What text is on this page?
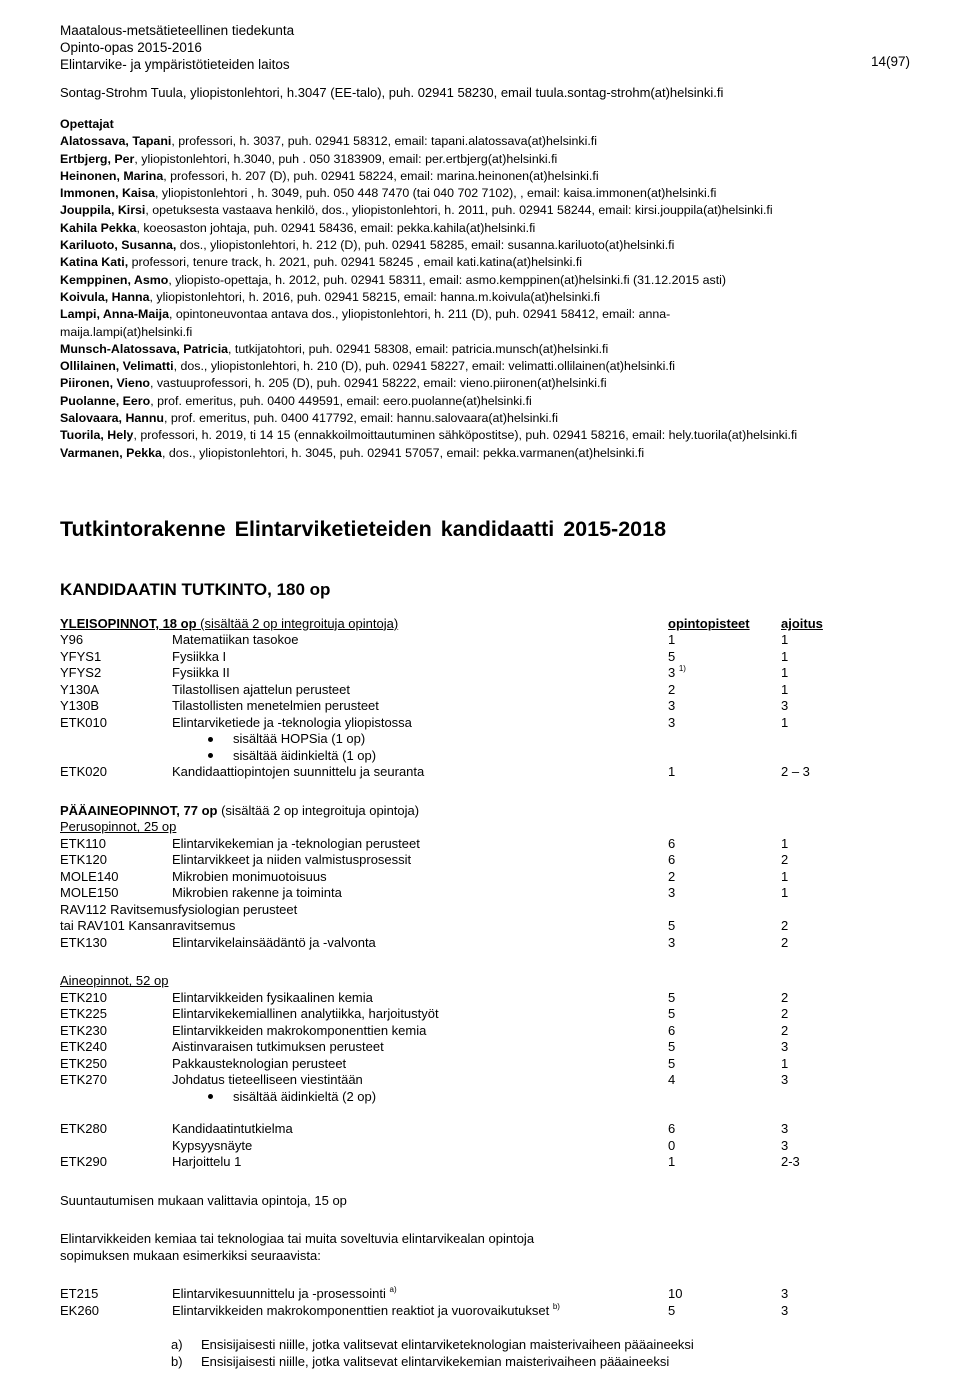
14(97)
Maatalous-metsätieteellinen tiedekunta
Opinto-opas 2015-2016
Elintarvike- ja ympäristötieteiden laitos
Sontag-Strohm Tuula, yliopistonlehtori, h.3047 (EE-talo), puh. 02941 58230, email tuula.sontag-strohm(at)helsinki.fi
Opettajat
Alatossava, Tapani, professori, h. 3037, puh. 02941 58312, email: tapani.alatossava(at)helsinki.fi
Ertbjerg, Per, yliopistonlehtori, h.3040, puh . 050 3183909, email: per.ertbjerg(at)helsinki.fi
Heinonen, Marina, professori, h. 207 (D), puh. 02941 58224, email: marina.heinonen(at)helsinki.fi
Immonen, Kaisa, yliopistonlehtori , h. 3049, puh. 050 448 7470 (tai 040 702 7102), , email: kaisa.immonen(at)helsinki.fi
Jouppila, Kirsi, opetuksesta vastaava henkilö, dos., yliopistonlehtori, h. 2011, puh. 02941 58244, email: kirsi.jouppila(at)helsinki.fi
Kahila Pekka, koeosaston johtaja, puh. 02941 58436, email: pekka.kahila(at)helsinki.fi
Kariluoto, Susanna, dos., yliopistonlehtori, h. 212 (D), puh. 02941 58285, email: susanna.kariluoto(at)helsinki.fi
Katina Kati, professori, tenure track, h. 2021, puh. 02941 58245 , email kati.katina(at)helsinki.fi
Kemppinen, Asmo, yliopisto-opettaja, h. 2012, puh. 02941 58311, email: asmo.kemppinen(at)helsinki.fi (31.12.2015 asti)
Koivula, Hanna, yliopistonlehtori, h. 2016, puh. 02941 58215, email: hanna.m.koivula(at)helsinki.fi
Lampi, Anna-Maija, opintoneuvontaa antava dos., yliopistonlehtori, h. 211 (D), puh. 02941 58412, email: anna-
maija.lampi(at)helsinki.fi
Munsch-Alatossava, Patricia, tutkijatohtori, puh. 02941 58308, email: patricia.munsch(at)helsinki.fi
Ollilainen, Velimatti, dos., yliopistonlehtori, h. 210 (D), puh. 02941 58227, email: velimatti.ollilainen(at)helsinki.fi
Piironen, Vieno, vastuuprofessori, h. 205 (D), puh. 02941 58222, email: vieno.piironen(at)helsinki.fi
Puolanne, Eero, prof. emeritus, puh. 0400 449591, email: eero.puolanne(at)helsinki.fi
Salovaara, Hannu, prof. emeritus, puh. 0400 417792, email: hannu.salovaara(at)helsinki.fi
Tuorila, Hely, professori, h. 2019, ti 14 15 (ennakkoilmoittautuminen sähköpostitse), puh. 02941 58216, email: hely.tuorila(at)helsinki.fi
Varmanen, Pekka, dos., yliopistonlehtori, h. 3045, puh. 02941 57057, email: pekka.varmanen(at)helsinki.fi
Tutkintorakenne Elintarviketieteiden kandidaatti 2015-2018
KANDIDAATIN TUTKINTO, 180 op
YLEISOPINNOT, 18 op (sisältää 2 op integroituja opintoja)		opintopisteet	ajoitus
Y96	Matematiikan tasokoe	1	1
YFYS1	Fysiikka I	5	1
YFYS2	Fysiikka II	3 $^{1)}$	1
Y130A	Tilastollisen ajattelun perusteet	2	1
Y130B	Tilastollisten menetelmien perusteet	3	3
ETK010	Elintarviketiede ja -teknologia yliopistossa	3	1
	sisältää HOPSia (1 op)		
	sisältää äidinkieltä (1 op)		
ETK020	Kandidaattiopintojen suunnittelu ja seuranta	1	2 – 3

PÄÄAINEOPINNOT, 77 op (sisältää 2 op integroituja opintoja)			
Perusopinnot, 25 op			
ETK110	Elintarvikekemian ja -teknologian perusteet	6	1
ETK120	Elintarvikkeet ja niiden valmistusprosessit	6	2
MOLE140	Mikrobien monimuotoisuus	2	1
MOLE150	Mikrobien rakenne ja toiminta	3	1
RAV112 Ravitsemusfysiologian perusteet			
tai RAV101 Kansanravitsemus		5	2
ETK130	Elintarvikelainsäädäntö ja -valvonta	3	2

Aineopinnot, 52 op			
ETK210	Elintarvikkeiden fysikaalinen kemia	5	2
ETK225	Elintarvikekemiallinen analytiikka, harjoitustyöt	5	2
ETK230	Elintarvikkeiden makrokomponenttien kemia	6	2
ETK240	Aistinvaraisen tutkimuksen perusteet	5	3
ETK250	Pakkausteknologian perusteet	5	1
ETK270	Johdatus tieteelliseen viestintään	4	3
	sisältää äidinkieltä (2 op)		

ETK280	Kandidaatintutkielma	6	3
	Kypsyysnäyte	0	3
ETK290	Harjoittelu 1	1	2-3

Suuntautumisen mukaan valittavia opintoja, 15 op			

Elintarvikkeiden kemiaa tai teknologiaa tai muita soveltuvia elintarvikealan opintoja			
sopimuksen mukaan esimerkiksi seuraavista:			

ET215	Elintarvikesuunnittelu ja -prosessointi $^{a)}$	10	3
EK260	Elintarvikkeiden makrokomponenttien reaktiot ja vuorovaikutukset $^{b)}$	5	3
a) Ensisijaisesti niille, jotka valitsevat elintarviketeknologian maisterivaiheen pääaineeksi
b) Ensisijaisesti niille, jotka valitsevat elintarvikekemian maisterivaiheen pääaineeksi
